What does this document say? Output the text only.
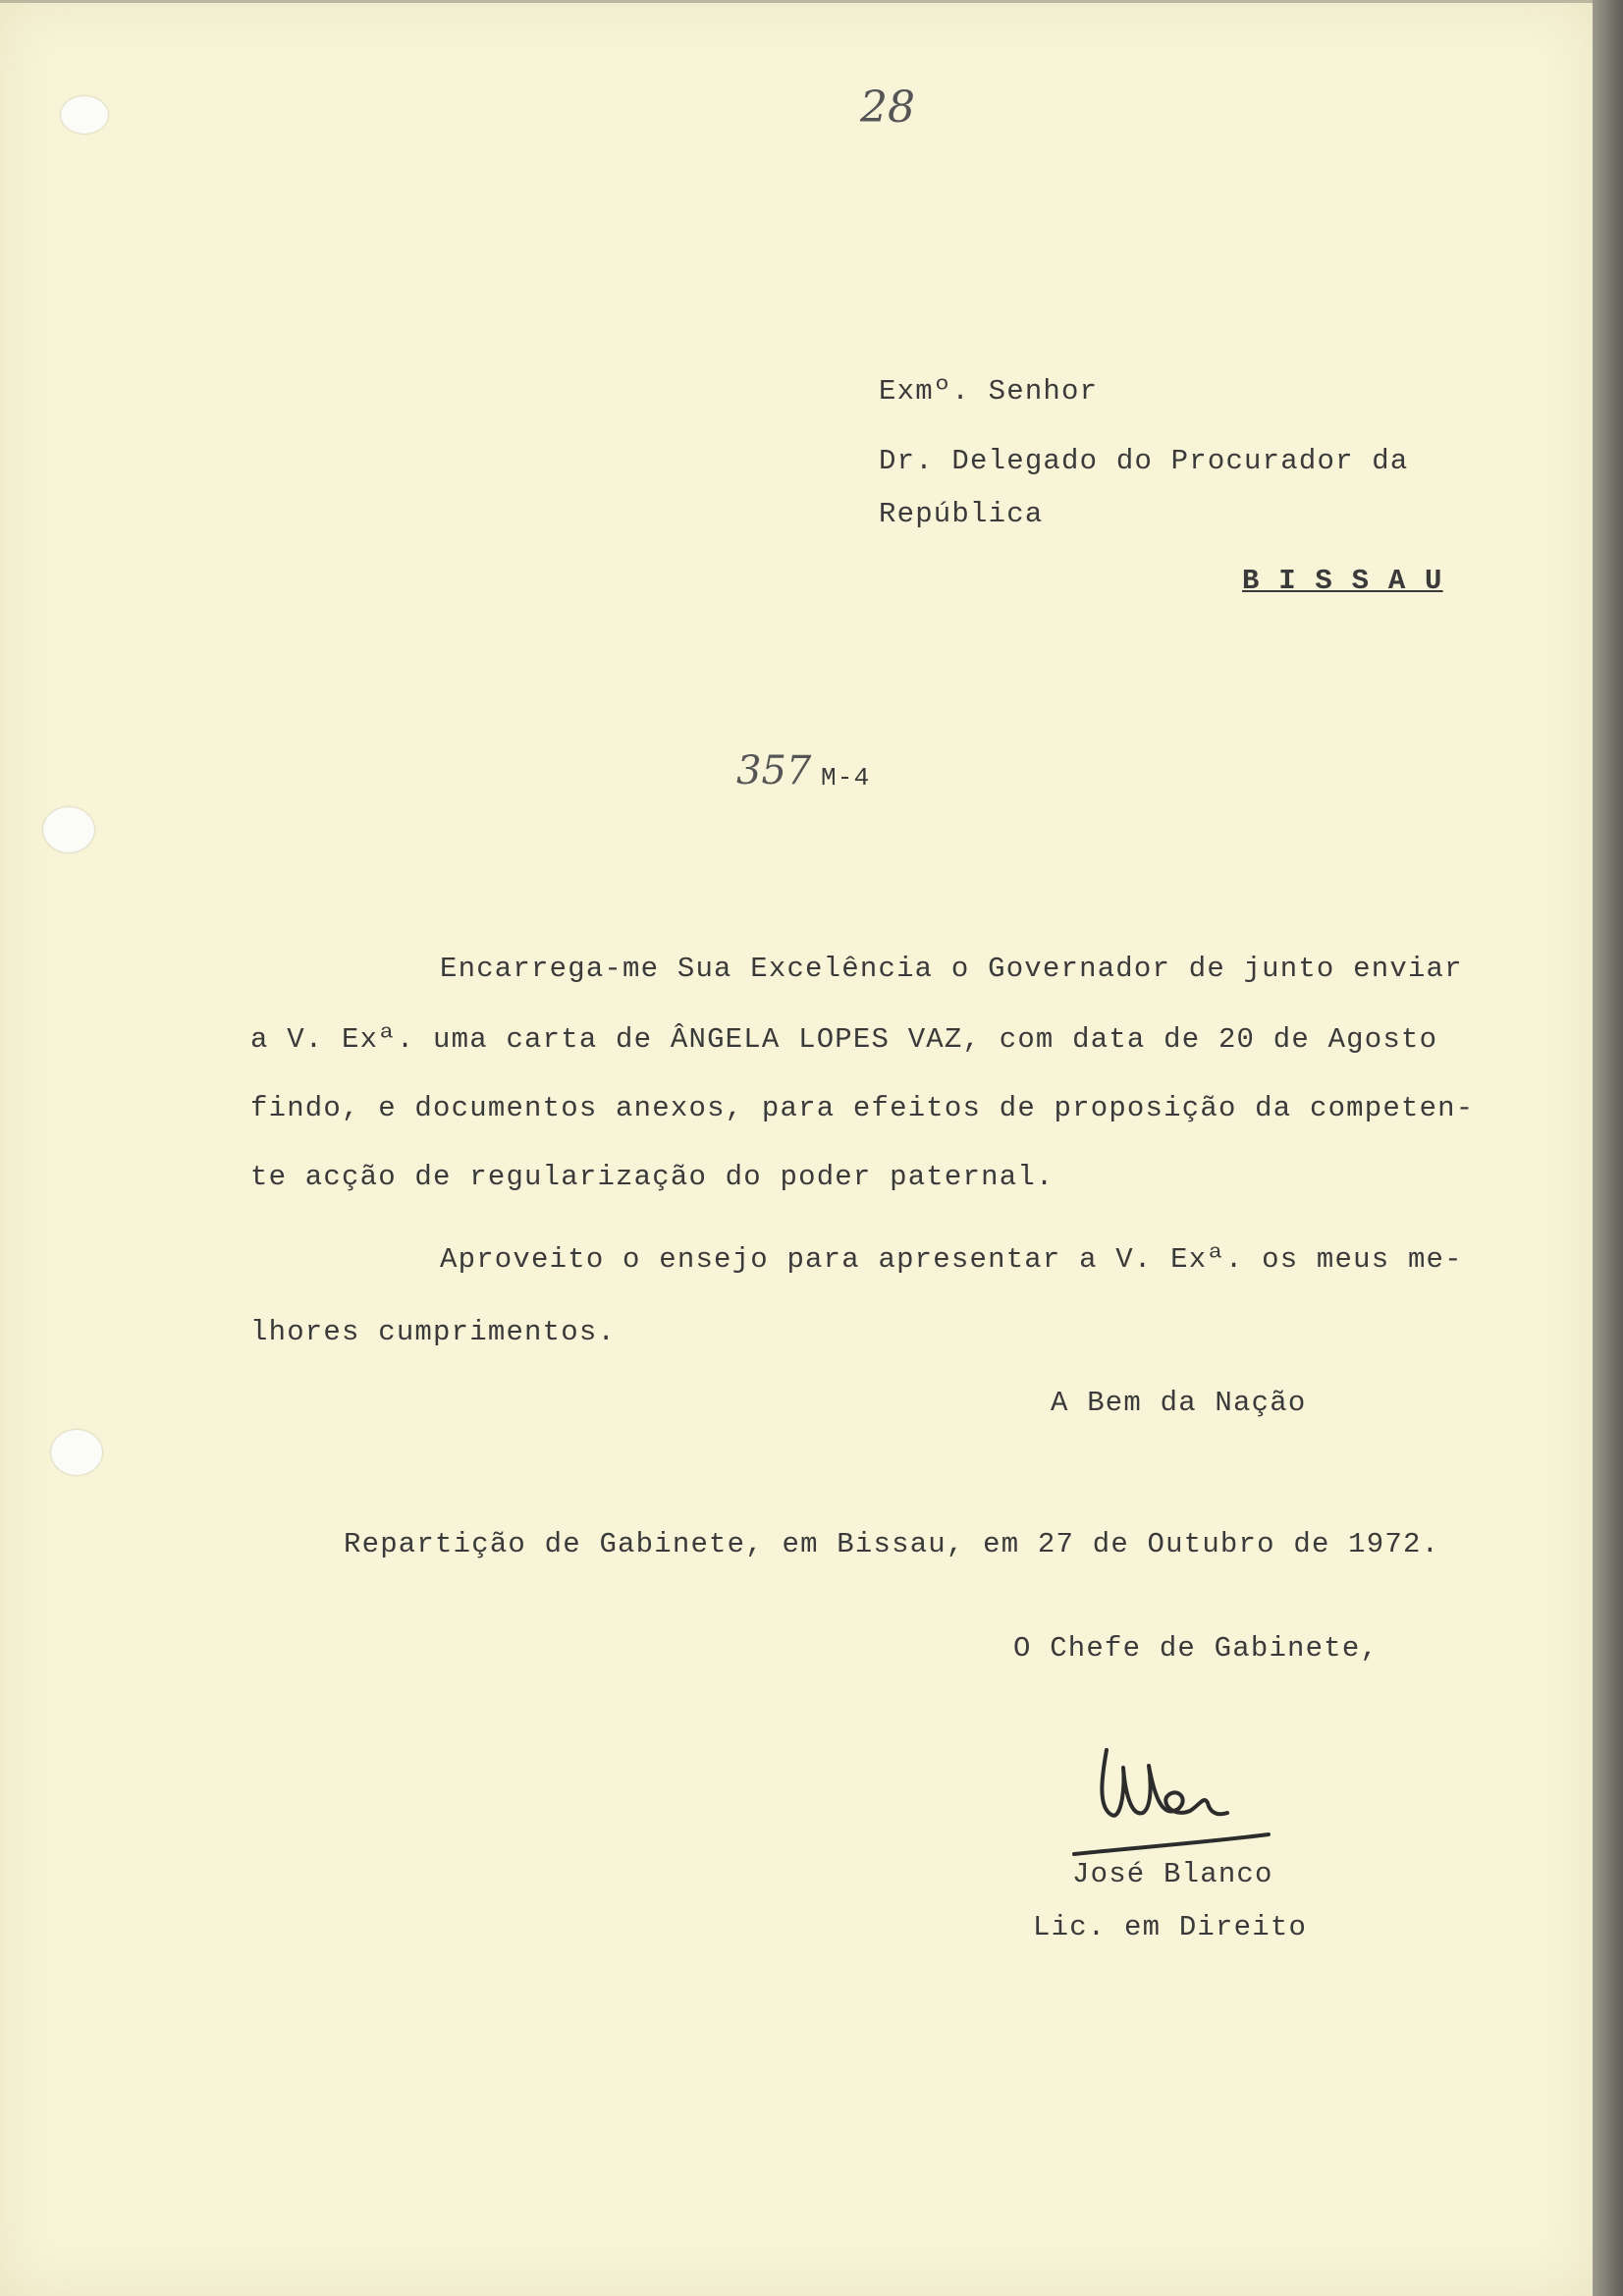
28
Exmº. Senhor
Dr. Delegado do Procurador da
República
B I S S A U
357 M-4
Encarrega-me Sua Excelência o Governador de junto enviar
a V. Exª. uma carta de ÂNGELA LOPES VAZ, com data de 20 de Agosto
findo, e documentos anexos, para efeitos de proposição da competen-
te acção de regularização do poder paternal.
Aproveito o ensejo para apresentar a V. Exª. os meus me-
lhores cumprimentos.
A Bem da Nação
Repartição de Gabinete, em Bissau, em 27 de Outubro de 1972.
O Chefe de Gabinete,
José Blanco
Lic. em Direito
